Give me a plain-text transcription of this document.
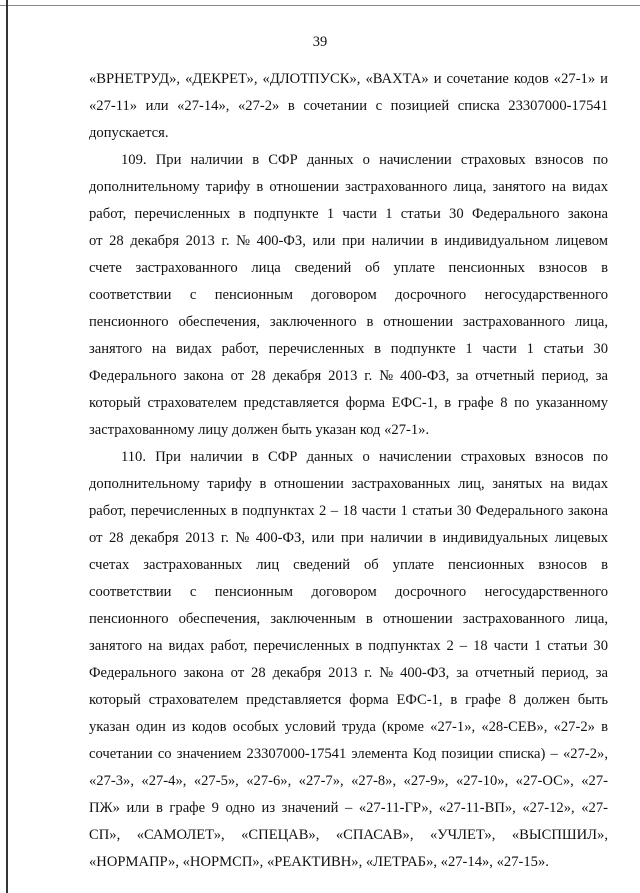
39
«ВРНЕТРУД», «ДЕКРЕТ», «ДЛОТПУСК», «ВАХТА» и сочетание кодов «27-1» и
«27-11» или «27-14», «27-2» в сочетании с позицией списка 23307000-17541
допускается.
109. При наличии в СФР данных о начислении страховых взносов по
дополнительному тарифу в отношении застрахованного лица, занятого на видах
работ, перечисленных в подпункте 1 части 1 статьи 30 Федерального закона
от 28 декабря 2013 г. № 400-ФЗ, или при наличии в индивидуальном лицевом
счете застрахованного лица сведений об уплате пенсионных взносов в
соответствии с пенсионным договором досрочного негосударственного
пенсионного обеспечения, заключенного в отношении застрахованного лица,
занятого на видах работ, перечисленных в подпункте 1 части 1 статьи 30
Федерального закона от 28 декабря 2013 г. № 400-ФЗ, за отчетный период, за
который страхователем представляется форма ЕФС-1, в графе 8 по указанному
застрахованному лицу должен быть указан код «27-1».
110. При наличии в СФР данных о начислении страховых взносов по
дополнительному тарифу в отношении застрахованных лиц, занятых на видах
работ, перечисленных в подпунктах 2 – 18 части 1 статьи 30 Федерального закона
от 28 декабря 2013 г. № 400-ФЗ, или при наличии в индивидуальных лицевых
счетах застрахованных лиц сведений об уплате пенсионных взносов в
соответствии с пенсионным договором досрочного негосударственного
пенсионного обеспечения, заключенным в отношении застрахованного лица,
занятого на видах работ, перечисленных в подпунктах 2 – 18 части 1 статьи 30
Федерального закона от 28 декабря 2013 г. № 400-ФЗ, за отчетный период, за
который страхователем представляется форма ЕФС-1, в графе 8 должен быть
указан один из кодов особых условий труда (кроме «27-1», «28-СЕВ», «27-2» в
сочетании со значением 23307000-17541 элемента Код позиции списка) – «27-2»,
«27-3», «27-4», «27-5», «27-6», «27-7», «27-8», «27-9», «27-10», «27-ОС», «27-
ПЖ» или в графе 9 одно из значений – «27-11-ГР», «27-11-ВП», «27-12», «27-
СП», «САМОЛЕТ», «СПЕЦАВ», «СПАСАВ», «УЧЛЕТ», «ВЫСПШИЛ»,
«НОРМАПР», «НОРМСП», «РЕАКТИВН», «ЛЕТРАБ», «27-14», «27-15».
